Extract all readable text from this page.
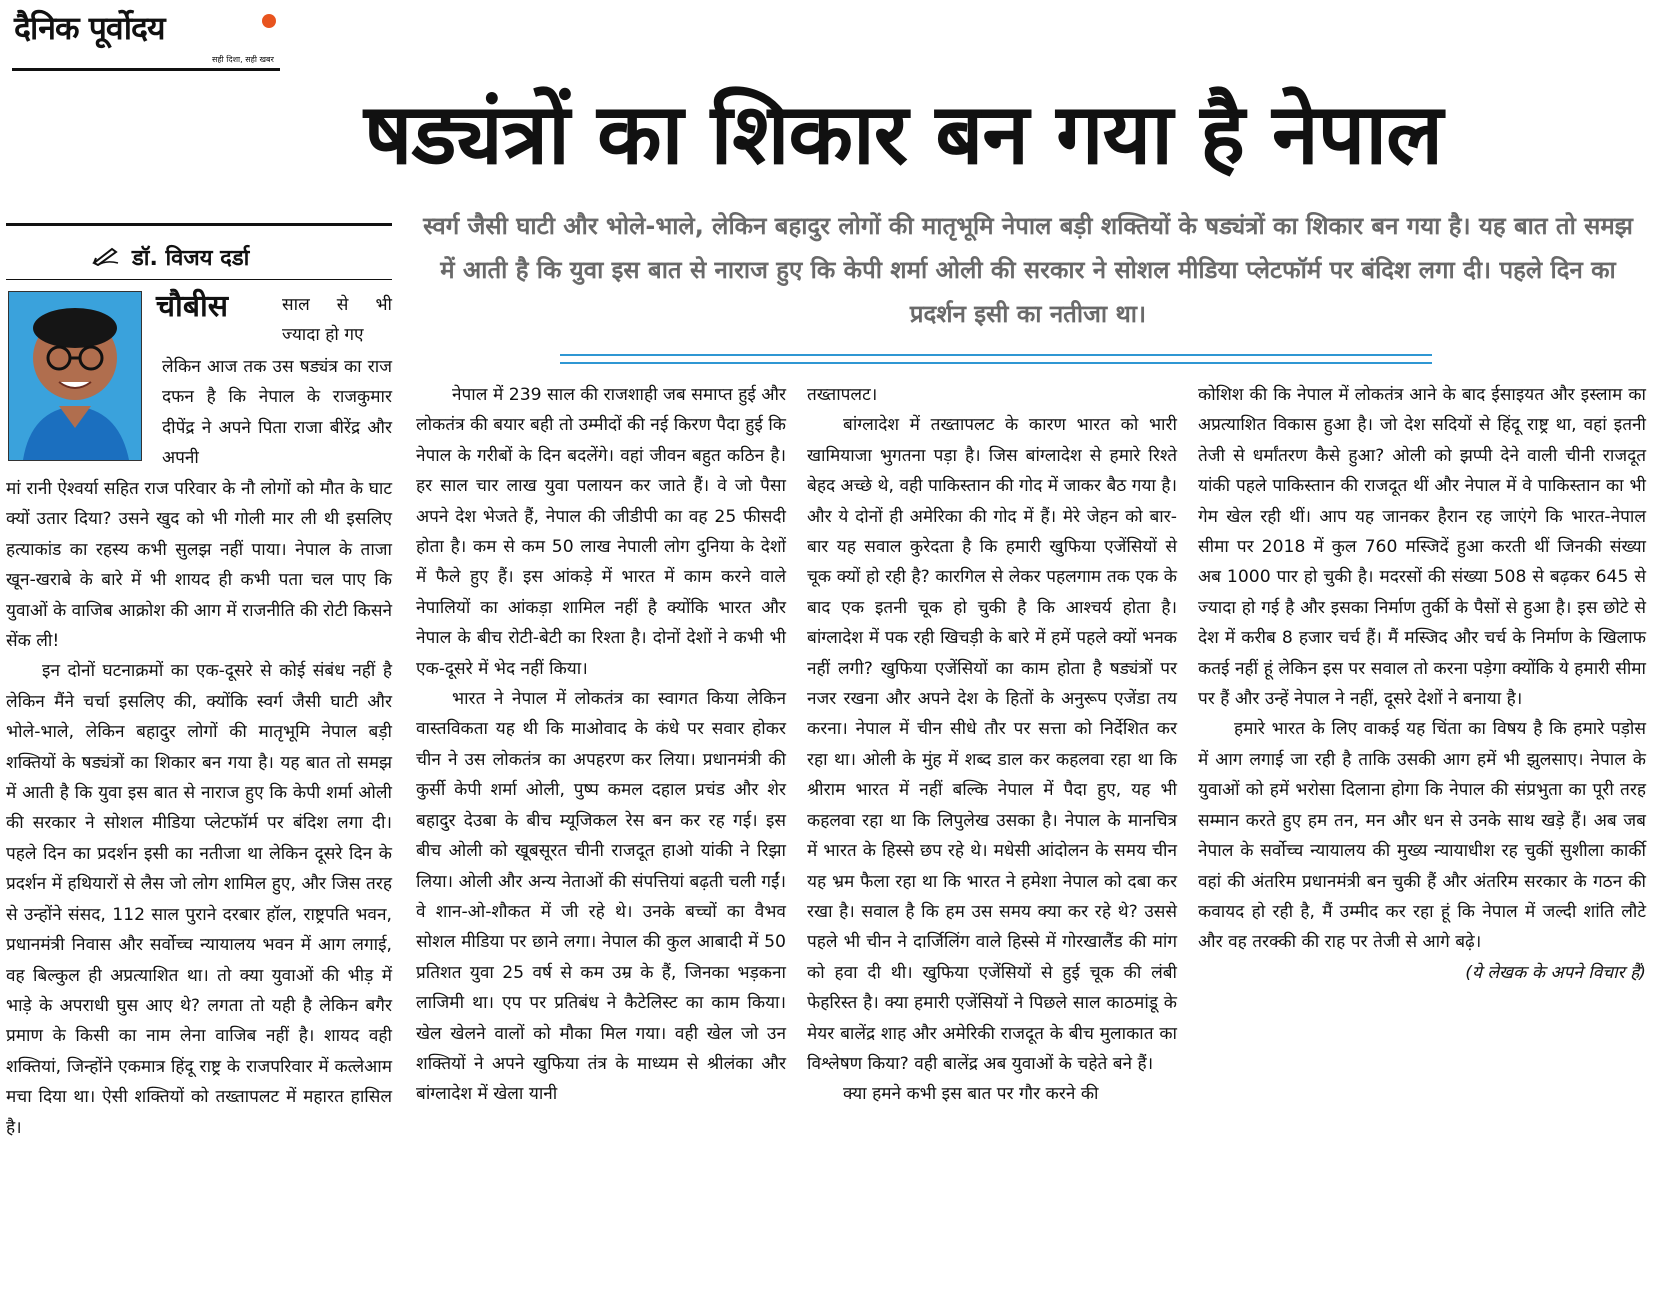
दैनिक पूर्वोदय
सही दिशा, सही खबर
षड्यंत्रों का शिकार बन गया है नेपाल
डॉ. विजय दर्डा
स्वर्ग जैसी घाटी और भोले-भाले, लेकिन बहादुर लोगों की मातृभूमि नेपाल बड़ी शक्तियों के षड्यंत्रों का शिकार बन गया है। यह बात तो समझ में आती है कि युवा इस बात से नाराज हुए कि केपी शर्मा ओली की सरकार ने सोशल मीडिया प्लेटफॉर्म पर बंदिश लगा दी। पहले दिन का प्रदर्शन इसी का नतीजा था।
चौबीस	साल से भी ज्यादा हो गए

लेकिन आज तक उस षड्यंत्र का राज दफन है कि नेपाल के राजकुमार दीपेंद्र ने अपने पिता राजा बीरेंद्र और अपनी

मां रानी ऐश्वर्या सहित राज परिवार के नौ लोगों को मौत के घाट क्यों उतार दिया? उसने खुद को भी गोली मार ली थी इसलिए हत्याकांड का रहस्य कभी सुलझ नहीं पाया। नेपाल के ताजा खून-खराबे के बारे में भी शायद ही कभी पता चल पाए कि युवाओं के वाजिब आक्रोश की आग में राजनीति की रोटी किसने सेंक ली!

इन दोनों घटनाक्रमों का एक-दूसरे से कोई संबंध नहीं है लेकिन मैंने चर्चा इसलिए की, क्योंकि स्वर्ग जैसी घाटी और भोले-भाले, लेकिन बहादुर लोगों की मातृभूमि नेपाल बड़ी शक्तियों के षड्यंत्रों का शिकार बन गया है। यह बात तो समझ में आती है कि युवा इस बात से नाराज हुए कि केपी शर्मा ओली की सरकार ने सोशल मीडिया प्लेटफॉर्म पर बंदिश लगा दी। पहले दिन का प्रदर्शन इसी का नतीजा था लेकिन दूसरे दिन के प्रदर्शन में हथियारों से लैस जो लोग शामिल हुए, और जिस तरह से उन्होंने संसद, 112 साल पुराने दरबार हॉल, राष्ट्रपति भवन, प्रधानमंत्री निवास और सर्वोच्च न्यायालय भवन में आग लगाई, वह बिल्कुल ही अप्रत्याशित था। तो क्या युवाओं की भीड़ में भाड़े के अपराधी घुस आए थे? लगता तो यही है लेकिन बगैर प्रमाण के किसी का नाम लेना वाजिब नहीं है। शायद वही शक्तियां, जिन्होंने एकमात्र हिंदू राष्ट्र के राजपरिवार में कत्लेआम मचा दिया था। ऐसी शक्तियों को तख्तापलट में महारत हासिल है।

नेपाल में 239 साल की राजशाही जब समाप्त हुई और लोकतंत्र की बयार बही तो उम्मीदों की नई किरण पैदा हुई कि नेपाल के गरीबों के दिन बदलेंगे। वहां जीवन बहुत कठिन है। हर साल चार लाख युवा पलायन कर जाते हैं। वे जो पैसा अपने देश भेजते हैं, नेपाल की जीडीपी का वह 25 फीसदी होता है। कम से कम 50 लाख नेपाली लोग दुनिया के देशों में फैले हुए हैं। इस आंकड़े में भारत में काम करने वाले नेपालियों का आंकड़ा शामिल नहीं है क्योंकि भारत और नेपाल के बीच रोटी-बेटी का रिश्ता है। दोनों देशों ने कभी भी एक-दूसरे में भेद नहीं किया।

भारत ने नेपाल में लोकतंत्र का स्वागत किया लेकिन वास्तविकता यह थी कि माओवाद के कंधे पर सवार होकर चीन ने उस लोकतंत्र का अपहरण कर लिया। प्रधानमंत्री की कुर्सी केपी शर्मा ओली, पुष्प कमल दहाल प्रचंड और शेर बहादुर देउबा के बीच म्यूजिकल रेस बन कर रह गई। इस बीच ओली को खूबसूरत चीनी राजदूत हाओ यांकी ने रिझा लिया। ओली और अन्य नेताओं की संपत्तियां बढ़ती चली गईं। वे शान-ओ-शौकत में जी रहे थे। उनके बच्चों का वैभव सोशल मीडिया पर छाने लगा। नेपाल की कुल आबादी में 50 प्रतिशत युवा 25 वर्ष से कम उम्र के हैं, जिनका भड़कना लाजिमी था। एप पर प्रतिबंध ने कैटेलिस्ट का काम किया। खेल खेलने वालों को मौका मिल गया। वही खेल जो उन शक्तियों ने अपने खुफिया तंत्र के माध्यम से श्रीलंका और बांग्लादेश में खेला यानी

तख्तापलट।

बांग्लादेश में तख्तापलट के कारण भारत को भारी खामियाजा भुगतना पड़ा है। जिस बांग्लादेश से हमारे रिश्ते बेहद अच्छे थे, वही पाकिस्तान की गोद में जाकर बैठ गया है। और ये दोनों ही अमेरिका की गोद में हैं। मेरे जेहन को बार-बार यह सवाल कुरेदता है कि हमारी खुफिया एजेंसियों से चूक क्यों हो रही है? कारगिल से लेकर पहलगाम तक एक के बाद एक इतनी चूक हो चुकी है कि आश्चर्य होता है। बांग्लादेश में पक रही खिचड़ी के बारे में हमें पहले क्यों भनक नहीं लगी? खुफिया एजेंसियों का काम होता है षड्यंत्रों पर नजर रखना और अपने देश के हितों के अनुरूप एजेंडा तय करना। नेपाल में चीन सीधे तौर पर सत्ता को निर्देशित कर रहा था। ओली के मुंह में शब्द डाल कर कहलवा रहा था कि श्रीराम भारत में नहीं बल्कि नेपाल में पैदा हुए, यह भी कहलवा रहा था कि लिपुलेख उसका है। नेपाल के मानचित्र में भारत के हिस्से छप रहे थे। मधेसी आंदोलन के समय चीन यह भ्रम फैला रहा था कि भारत ने हमेशा नेपाल को दबा कर रखा है। सवाल है कि हम उस समय क्या कर रहे थे? उससे पहले भी चीन ने दार्जिलिंग वाले हिस्से में गोरखालैंड की मांग को हवा दी थी। खुफिया एजेंसियों से हुई चूक की लंबी फेहरिस्त है। क्या हमारी एजेंसियों ने पिछले साल काठमांडू के मेयर बालेंद्र शाह और अमेरिकी राजदूत के बीच मुलाकात का विश्लेषण किया? वही बालेंद्र अब युवाओं के चहेते बने हैं।

क्या हमने कभी इस बात पर गौर करने की

कोशिश की कि नेपाल में लोकतंत्र आने के बाद ईसाइयत और इस्लाम का अप्रत्याशित विकास हुआ है। जो देश सदियों से हिंदू राष्ट्र था, वहां इतनी तेजी से धर्मांतरण कैसे हुआ? ओली को झप्पी देने वाली चीनी राजदूत यांकी पहले पाकिस्तान की राजदूत थीं और नेपाल में वे पाकिस्तान का भी गेम खेल रही थीं। आप यह जानकर हैरान रह जाएंगे कि भारत-नेपाल सीमा पर 2018 में कुल 760 मस्जिदें हुआ करती थीं जिनकी संख्या अब 1000 पार हो चुकी है। मदरसों की संख्या 508 से बढ़कर 645 से ज्यादा हो गई है और इसका निर्माण तुर्की के पैसों से हुआ है। इस छोटे से देश में करीब 8 हजार चर्च हैं। मैं मस्जिद और चर्च के निर्माण के खिलाफ कतई नहीं हूं लेकिन इस पर सवाल तो करना पड़ेगा क्योंकि ये हमारी सीमा पर हैं और उन्हें नेपाल ने नहीं, दूसरे देशों ने बनाया है।

हमारे भारत के लिए वाकई यह चिंता का विषय है कि हमारे पड़ोस में आग लगाई जा रही है ताकि उसकी आग हमें भी झुलसाए। नेपाल के युवाओं को हमें भरोसा दिलाना होगा कि नेपाल की संप्रभुता का पूरी तरह सम्मान करते हुए हम तन, मन और धन से उनके साथ खड़े हैं। अब जब नेपाल के सर्वोच्च न्यायालय की मुख्य न्यायाधीश रह चुकीं सुशीला कार्की वहां की अंतरिम प्रधानमंत्री बन चुकी हैं और अंतरिम सरकार के गठन की कवायद हो रही है, मैं उम्मीद कर रहा हूं कि नेपाल में जल्दी शांति लौटे और वह तरक्की की राह पर तेजी से आगे बढ़े।

(ये लेखक के अपने विचार हैं)
